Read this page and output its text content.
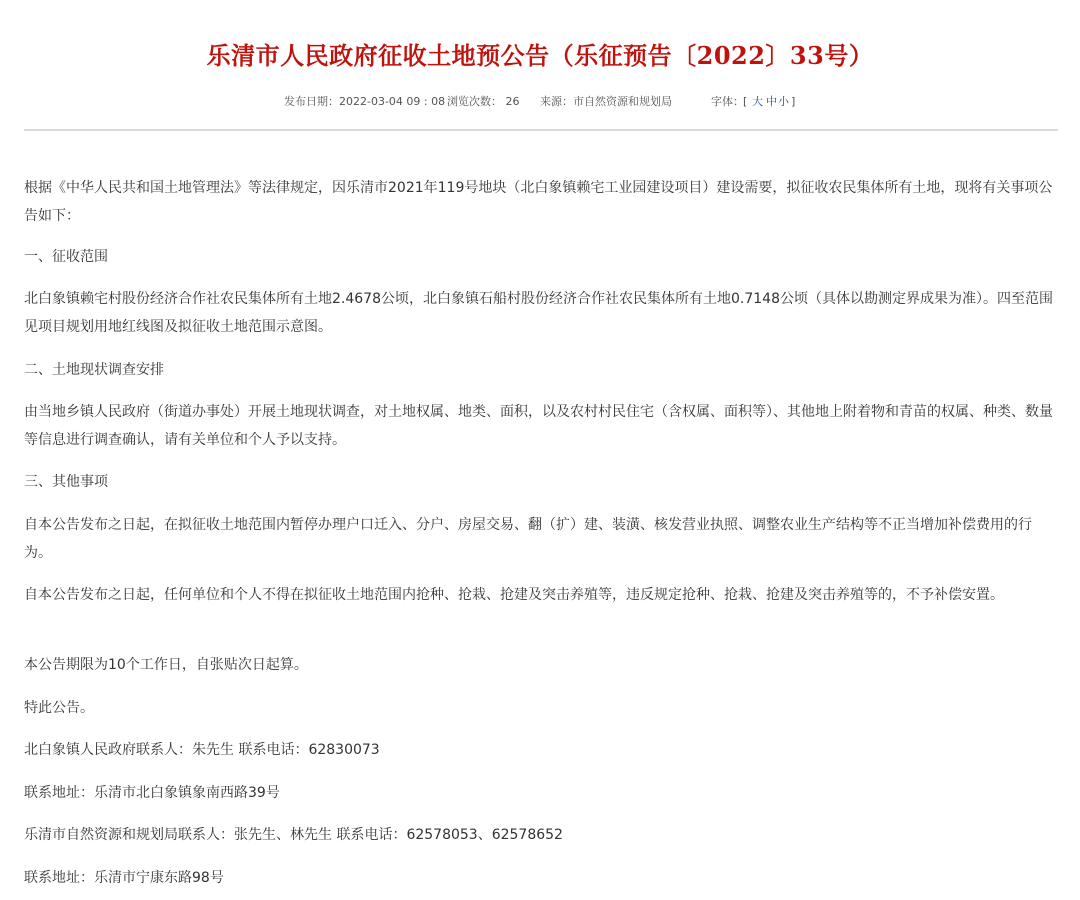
乐清市人民政府征收土地预公告（乐征预告〔2022〕33号）
发布日期：2022-03-04 09 : 08 浏览次数： 26 来源：市自然资源和规划局	字体： [ 大 中 小 ]

根据《中华人民共和国土地管理法》等法律规定，因乐清市2021年119号地块（北白象镇赖宅工业园建设项目）建设需要，拟征收农民集体所有土地，现将有关事项公告如下：

一、征收范围

北白象镇赖宅村股份经济合作社农民集体所有土地2.4678公顷，北白象镇石船村股份经济合作社农民集体所有土地0.7148公顷（具体以勘测定界成果为准）。四至范围见项目规划用地红线图及拟征收土地范围示意图。

二、土地现状调查安排

由当地乡镇人民政府（街道办事处）开展土地现状调查，对土地权属、地类、面积，以及农村村民住宅（含权属、面积等）、其他地上附着物和青苗的权属、种类、数量等信息进行调查确认，请有关单位和个人予以支持。

三、其他事项

自本公告发布之日起，在拟征收土地范围内暂停办理户口迁入、分户、房屋交易、翻（扩）建、装潢、核发营业执照、调整农业生产结构等不正当增加补偿费用的行为。

自本公告发布之日起，任何单位和个人不得在拟征收土地范围内抢种、抢栽、抢建及突击养殖等，违反规定抢种、抢栽、抢建及突击养殖等的，不予补偿安置。

本公告期限为10个工作日，自张贴次日起算。

特此公告。

北白象镇人民政府联系人：朱先生 联系电话：62830073

联系地址：乐清市北白象镇象南西路39号

乐清市自然资源和规划局联系人：张先生、林先生 联系电话：62578053、62578652

联系地址：乐清市宁康东路98号
